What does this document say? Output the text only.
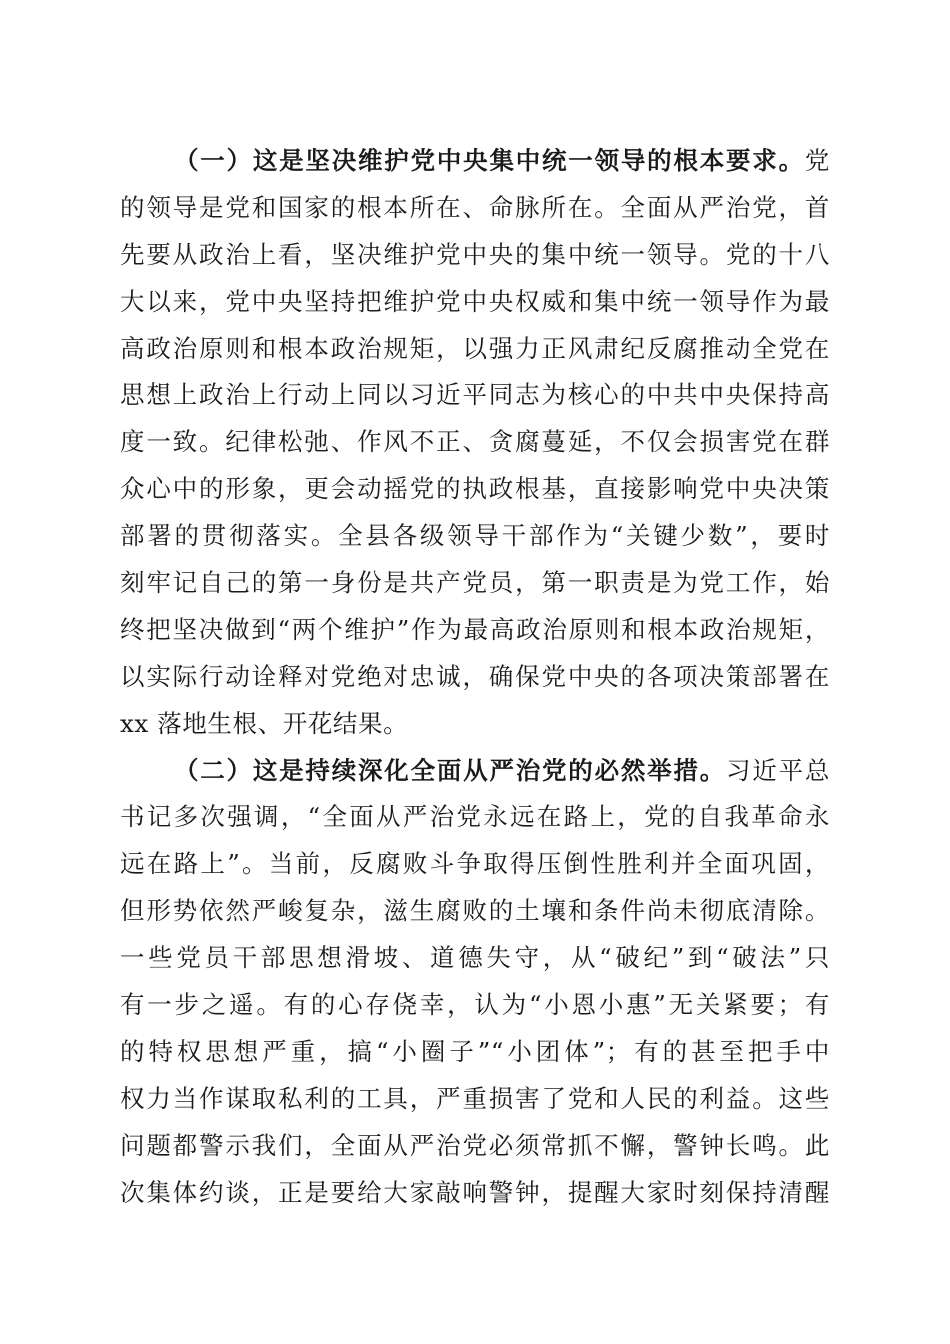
（一）这是坚决维护党中央集中统一领导的根本要求。党
的领导是党和国家的根本所在、命脉所在。全面从严治党，首
先要从政治上看，坚决维护党中央的集中统一领导。党的十八
大以来，党中央坚持把维护党中央权威和集中统一领导作为最
高政治原则和根本政治规矩，以强力正风肃纪反腐推动全党在
思想上政治上行动上同以习近平同志为核心的中共中央保持高
度一致。纪律松弛、作风不正、贪腐蔓延，不仅会损害党在群
众心中的形象，更会动摇党的执政根基，直接影响党中央决策
部署的贯彻落实。全县各级领导干部作为“关键少数”，要时
刻牢记自己的第一身份是共产党员，第一职责是为党工作，始
终把坚决做到“两个维护”作为最高政治原则和根本政治规矩，
以实际行动诠释对党绝对忠诚，确保党中央的各项决策部署在
xx 落地生根、开花结果。
（二）这是持续深化全面从严治党的必然举措。习近平总
书记多次强调，“全面从严治党永远在路上，党的自我革命永
远在路上”。当前，反腐败斗争取得压倒性胜利并全面巩固，
但形势依然严峻复杂，滋生腐败的土壤和条件尚未彻底清除。
一些党员干部思想滑坡、道德失守，从“破纪”到“破法”只
有一步之遥。有的心存侥幸，认为“小恩小惠”无关紧要；有
的特权思想严重，搞“小圈子”“小团体”；有的甚至把手中
权力当作谋取私利的工具，严重损害了党和人民的利益。这些
问题都警示我们，全面从严治党必须常抓不懈，警钟长鸣。此
次集体约谈，正是要给大家敲响警钟，提醒大家时刻保持清醒
